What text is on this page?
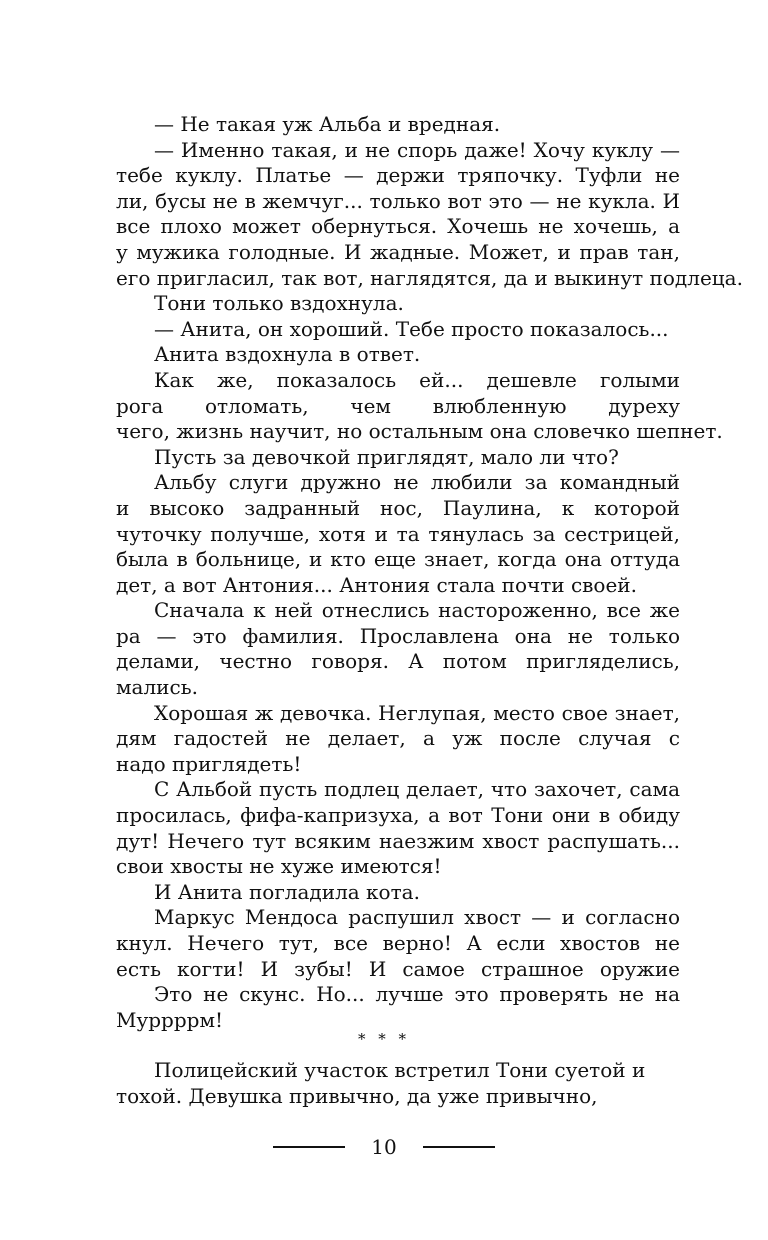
— Не такая уж Альба и вредная.
— Именно такая, и не спорь даже! Хочу куклу —
тебе куклу. Платье — держи тряпочку. Туфли не
ли, бусы не в жемчуг... только вот это — не кукла. И
все плохо может обернуться. Хочешь не хочешь, а
у мужика голодные. И жадные. Может, и прав тан,
его пригласил, так вот, наглядятся, да и выкинут подлеца.
Тони только вздохнула.
— Анита, он хороший. Тебе просто показалось...
Анита вздохнула в ответ.
Как же, показалось ей... дешевле голыми
рога отломать, чем влюбленную дуреху
чего, жизнь научит, но остальным она словечко шепнет.
Пусть за девочкой приглядят, мало ли что?
Альбу слуги дружно не любили за командный
и высоко задранный нос, Паулина, к которой
чуточку получше, хотя и та тянулась за сестрицей,
была в больнице, и кто еще знает, когда она оттуда
дет, а вот Антония... Антония стала почти своей.
Сначала к ней отнеслись настороженно, все же
ра — это фамилия. Прославлена она не только
делами, честно говоря. А потом пригляделись,
мались.
Хорошая ж девочка. Неглупая, место свое знает,
дям гадостей не делает, а уж после случая с
надо приглядеть!
С Альбой пусть подлец делает, что захочет, сама
просилась, фифа-капризуха, а вот Тони они в обиду
дут! Нечего тут всяким наезжим хвост распушать...
свои хвосты не хуже имеются!
И Анита погладила кота.
Маркус Мендоса распушил хвост — и согласно
кнул. Нечего тут, все верно! А если хвостов не
есть когти! И зубы! И самое страшное оружие
Это не скунс. Но... лучше это проверять не на
Муррррм!
* * *
Полицейский участок встретил Тони суетой и
тохой. Девушка привычно, да уже привычно,
10
